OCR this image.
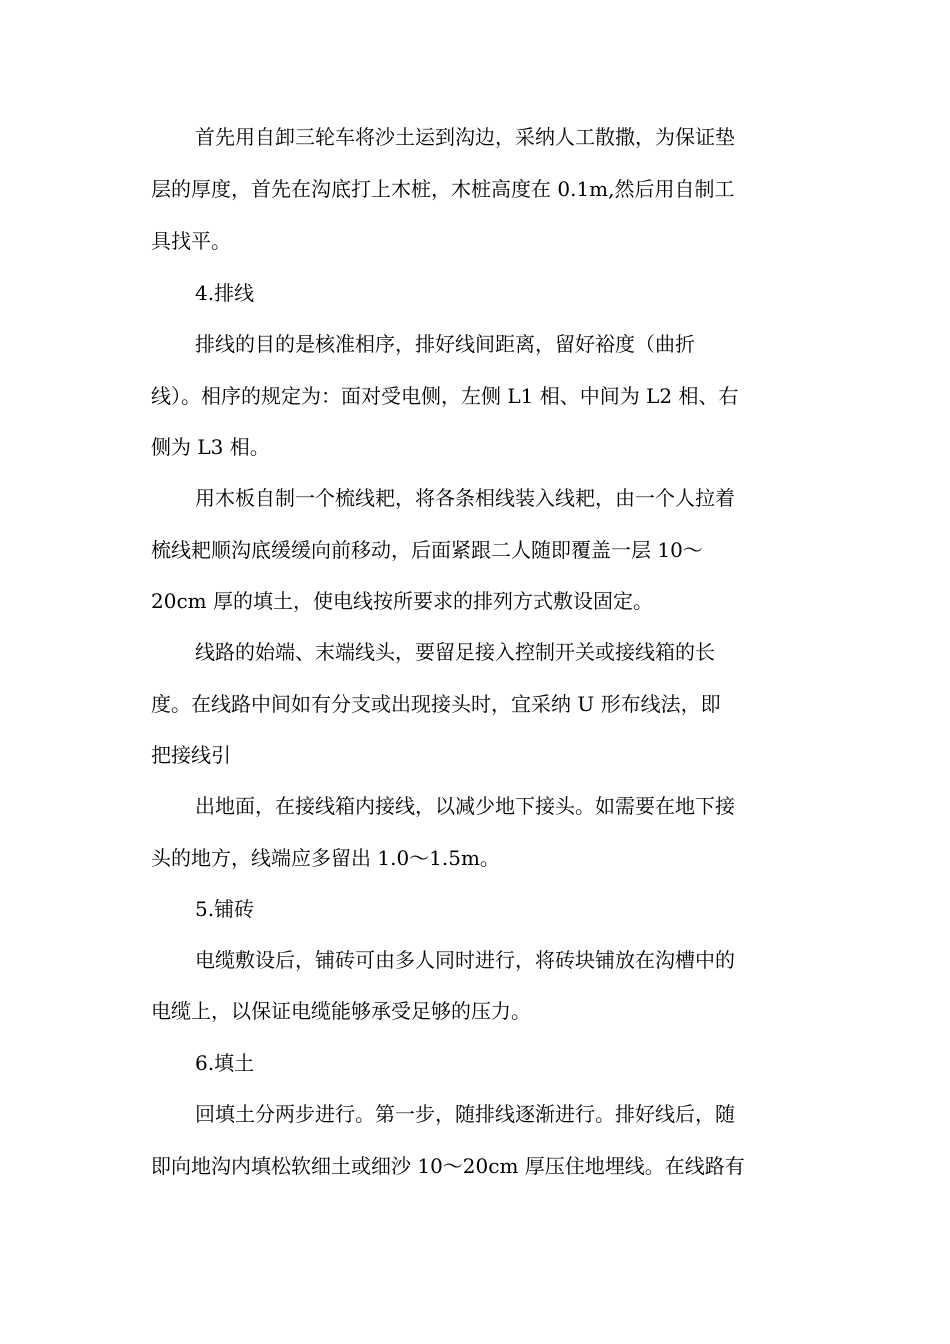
首先用自卸三轮车将沙土运到沟边，采纳人工散撒，为保证垫
层的厚度，首先在沟底打上木桩，木桩高度在 0.1m,然后用自制工
具找平。
4.排线
排线的目的是核准相序，排好线间距离，留好裕度（曲折
线）。相序的规定为：面对受电侧，左侧 L1 相、中间为 L2 相、右
侧为 L3 相。
用木板自制一个梳线耙，将各条相线装入线耙，由一个人拉着
梳线耙顺沟底缓缓向前移动，后面紧跟二人随即覆盖一层 10～
20cm 厚的填土，使电线按所要求的排列方式敷设固定。
线路的始端、末端线头，要留足接入控制开关或接线箱的长
度。在线路中间如有分支或出现接头时，宜采纳 U 形布线法，即
把接线引
出地面，在接线箱内接线，以减少地下接头。如需要在地下接
头的地方，线端应多留出 1.0～1.5m。
5.铺砖
电缆敷设后，铺砖可由多人同时进行，将砖块铺放在沟槽中的
电缆上，以保证电缆能够承受足够的压力。
6.填土
回填土分两步进行。第一步，随排线逐渐进行。排好线后，随
即向地沟内填松软细土或细沙 10～20cm 厚压住地埋线。在线路有
